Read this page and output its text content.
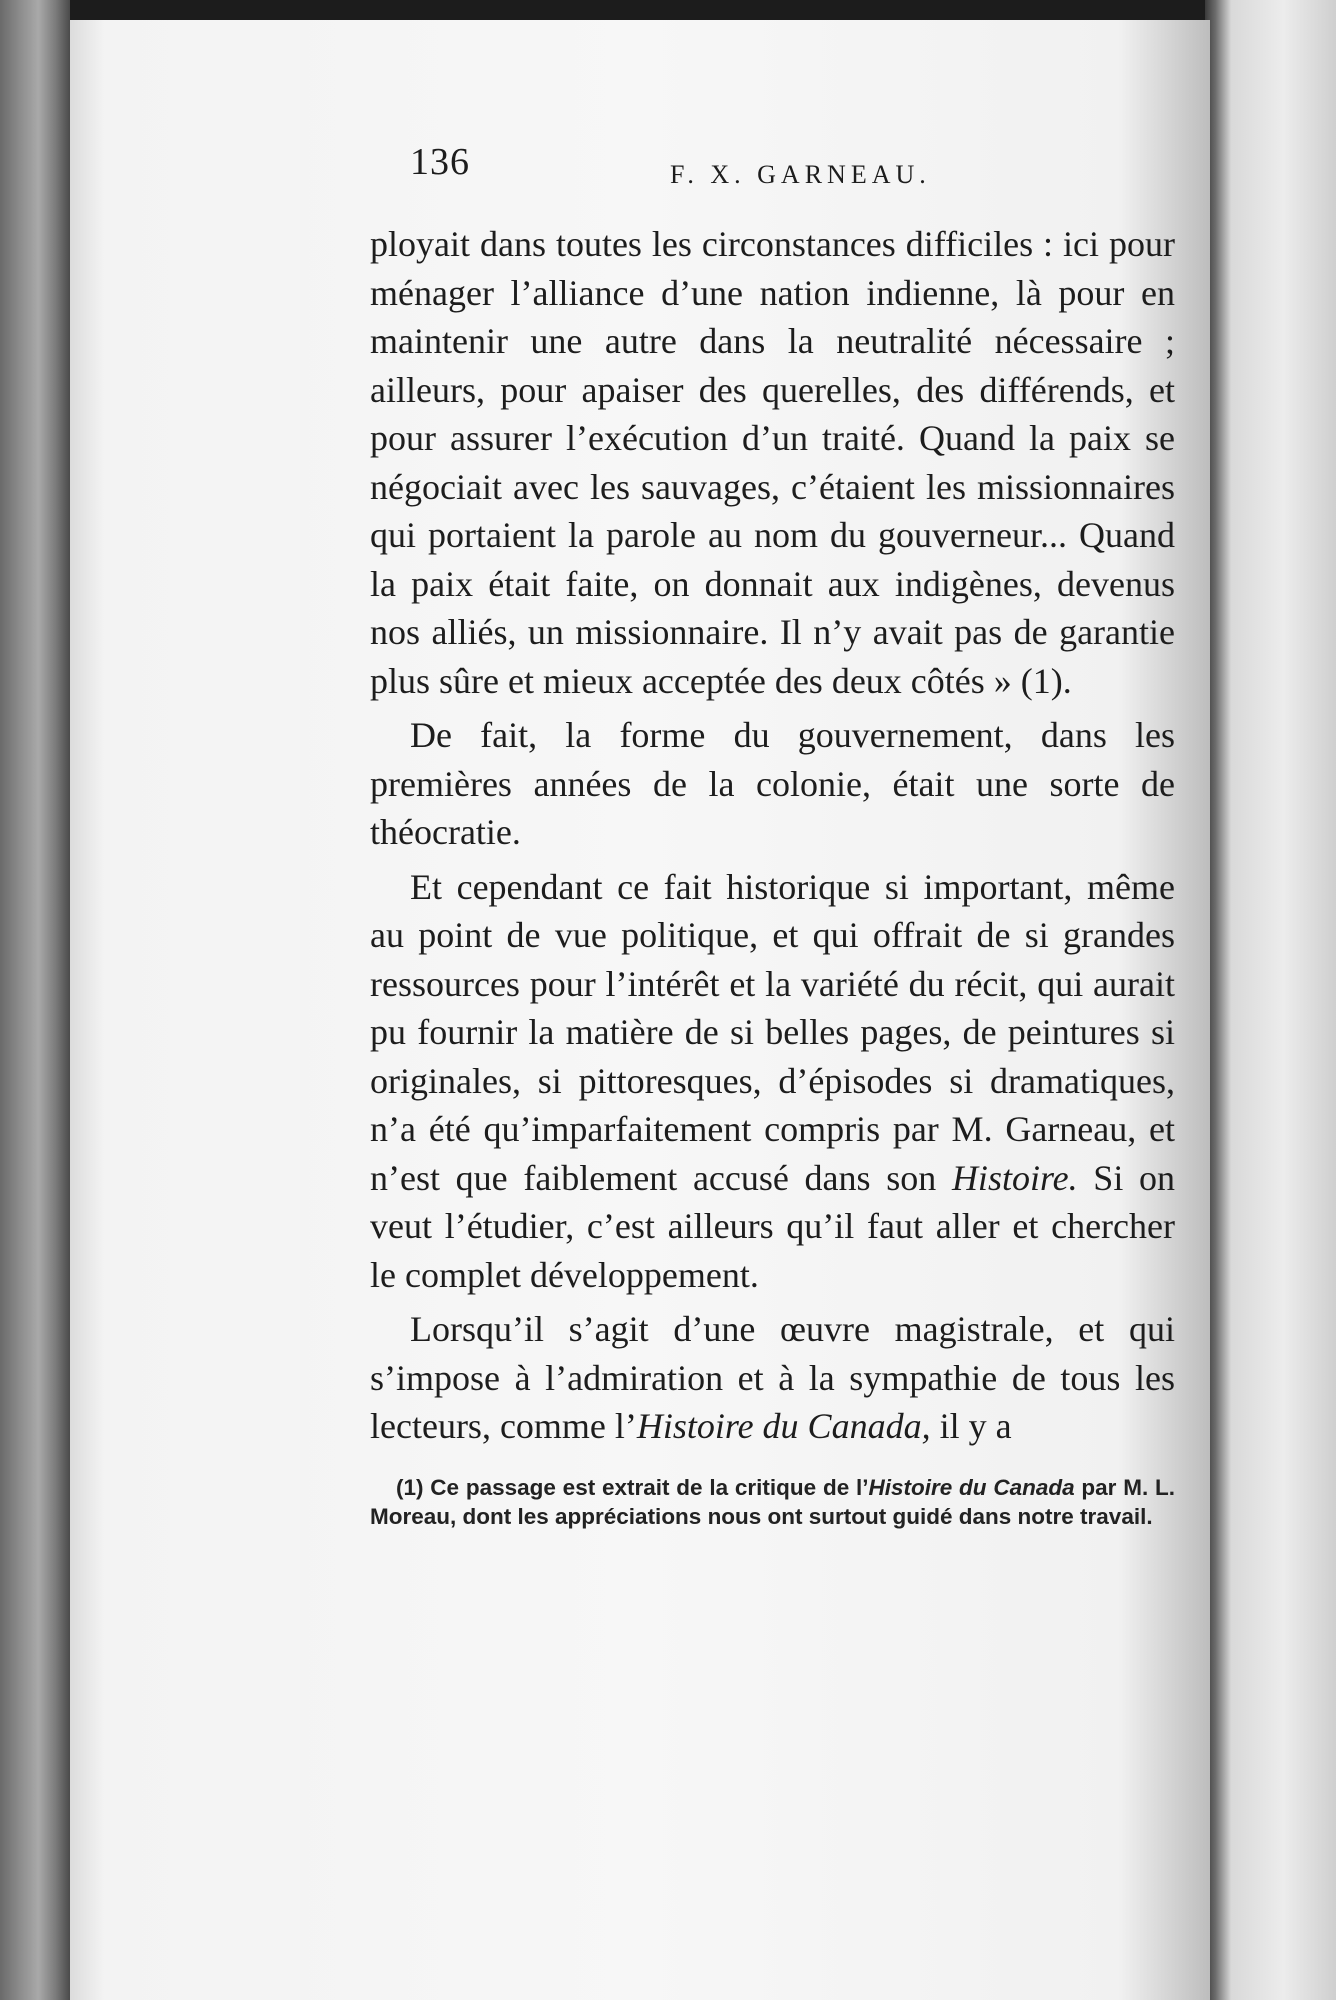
136	F. X. GARNEAU.

ployait dans toutes les circonstances difficiles : ici pour ménager l’alliance d’une nation indienne, là pour en maintenir une autre dans la neutralité nécessaire ; ailleurs, pour apaiser des querelles, des différends, et pour assurer l’exécution d’un traité. Quand la paix se négociait avec les sauvages, c’étaient les missionnaires qui portaient la parole au nom du gouverneur... Quand la paix était faite, on donnait aux indigènes, devenus nos alliés, un missionnaire. Il n’y avait pas de garantie plus sûre et mieux acceptée des deux côtés » (1).

De fait, la forme du gouvernement, dans les premières années de la colonie, était une sorte de théocratie.

Et cependant ce fait historique si important, même au point de vue politique, et qui offrait de si grandes ressources pour l’intérêt et la variété du récit, qui aurait pu fournir la matière de si belles pages, de peintures si originales, si pittoresques, d’épisodes si dramatiques, n’a été qu’imparfaitement compris par M. Garneau, et n’est que faiblement accusé dans son Histoire. Si on veut l’étudier, c’est ailleurs qu’il faut aller et chercher le complet développement.

Lorsqu’il s’agit d’une œuvre magistrale, et qui s’impose à l’admiration et à la sympathie de tous les lecteurs, comme l’Histoire du Canada, il y a

(1) Ce passage est extrait de la critique de l’Histoire du Canada par M. L. Moreau, dont les appréciations nous ont surtout guidé dans notre travail.
